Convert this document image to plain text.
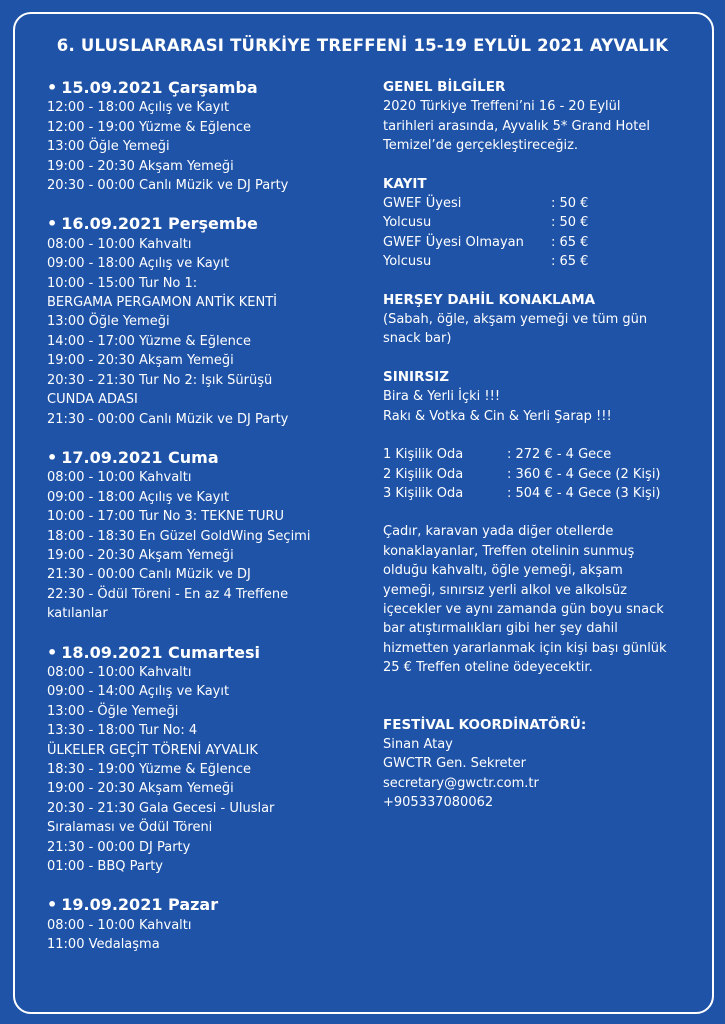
6. ULUSLARARASI TÜRKİYE TREFFENİ 15-19 EYLÜL 2021 AYVALIK
• 15.09.2021 Çarşamba
12:00 - 18:00 Açılış ve Kayıt
12:00 - 19:00 Yüzme & Eğlence
13:00 Öğle Yemeği
19:00 - 20:30 Akşam Yemeği
20:30 - 00:00 Canlı Müzik ve DJ Party
• 16.09.2021 Perşembe
08:00 - 10:00 Kahvaltı
09:00 - 18:00 Açılış ve Kayıt
10:00 - 15:00 Tur No 1:
BERGAMA PERGAMON ANTİK KENTİ
13:00 Öğle Yemeği
14:00 - 17:00 Yüzme & Eğlence
19:00 - 20:30 Akşam Yemeği
20:30 - 21:30 Tur No 2: Işık Sürüşü
CUNDA ADASI
21:30 - 00:00 Canlı Müzik ve DJ Party
• 17.09.2021 Cuma
08:00 - 10:00 Kahvaltı
09:00 - 18:00 Açılış ve Kayıt
10:00 - 17:00 Tur No 3: TEKNE TURU
18:00 - 18:30 En Güzel GoldWing Seçimi
19:00 - 20:30 Akşam Yemeği
21:30 - 00:00 Canlı Müzik ve DJ
22:30 - Ödül Töreni - En az 4 Treffene
katılanlar
• 18.09.2021 Cumartesi
08:00 - 10:00 Kahvaltı
09:00 - 14:00 Açılış ve Kayıt
13:00 - Öğle Yemeği
13:30 - 18:00 Tur No: 4
ÜLKELER GEÇİT TÖRENİ AYVALIK
18:30 - 19:00 Yüzme & Eğlence
19:00 - 20:30 Akşam Yemeği
20:30 - 21:30 Gala Gecesi - Uluslar
Sıralaması ve Ödül Töreni
21:30 - 00:00 DJ Party
01:00 - BBQ Party
• 19.09.2021 Pazar
08:00 - 10:00 Kahvaltı
11:00 Vedalaşma
GENEL BİLGİLER
2020 Türkiye Treffeni’ni 16 - 20 Eylül
tarihleri arasında, Ayvalık 5* Grand Hotel
Temizel’de gerçekleştireceğiz.
KAYIT
GWEF Üyesi	: 50 €
Yolcusu	: 50 €
GWEF Üyesi Olmayan	: 65 €
Yolcusu	: 65 €
HERŞEY DAHİL KONAKLAMA
(Sabah, öğle, akşam yemeği ve tüm gün
snack bar)
SINIRSIZ
Bira & Yerli İçki !!!
Rakı & Votka & Cin & Yerli Şarap !!!
1 Kişilik Oda	: 272 € - 4 Gece
2 Kişilik Oda	: 360 € - 4 Gece (2 Kişi)
3 Kişilik Oda	: 504 € - 4 Gece (3 Kişi)
Çadır, karavan yada diğer otellerde
konaklayanlar, Treffen otelinin sunmuş
olduğu kahvaltı, öğle yemeği, akşam
yemeği, sınırsız yerli alkol ve alkolsüz
içecekler ve aynı zamanda gün boyu snack
bar atıştırmalıkları gibi her şey dahil
hizmetten yararlanmak için kişi başı günlük
25 € Treffen oteline ödeyecektir.
FESTİVAL KOORDİNATÖRÜ:
Sinan Atay
GWCTR Gen. Sekreter
secretary@gwctr.com.tr
+905337080062
